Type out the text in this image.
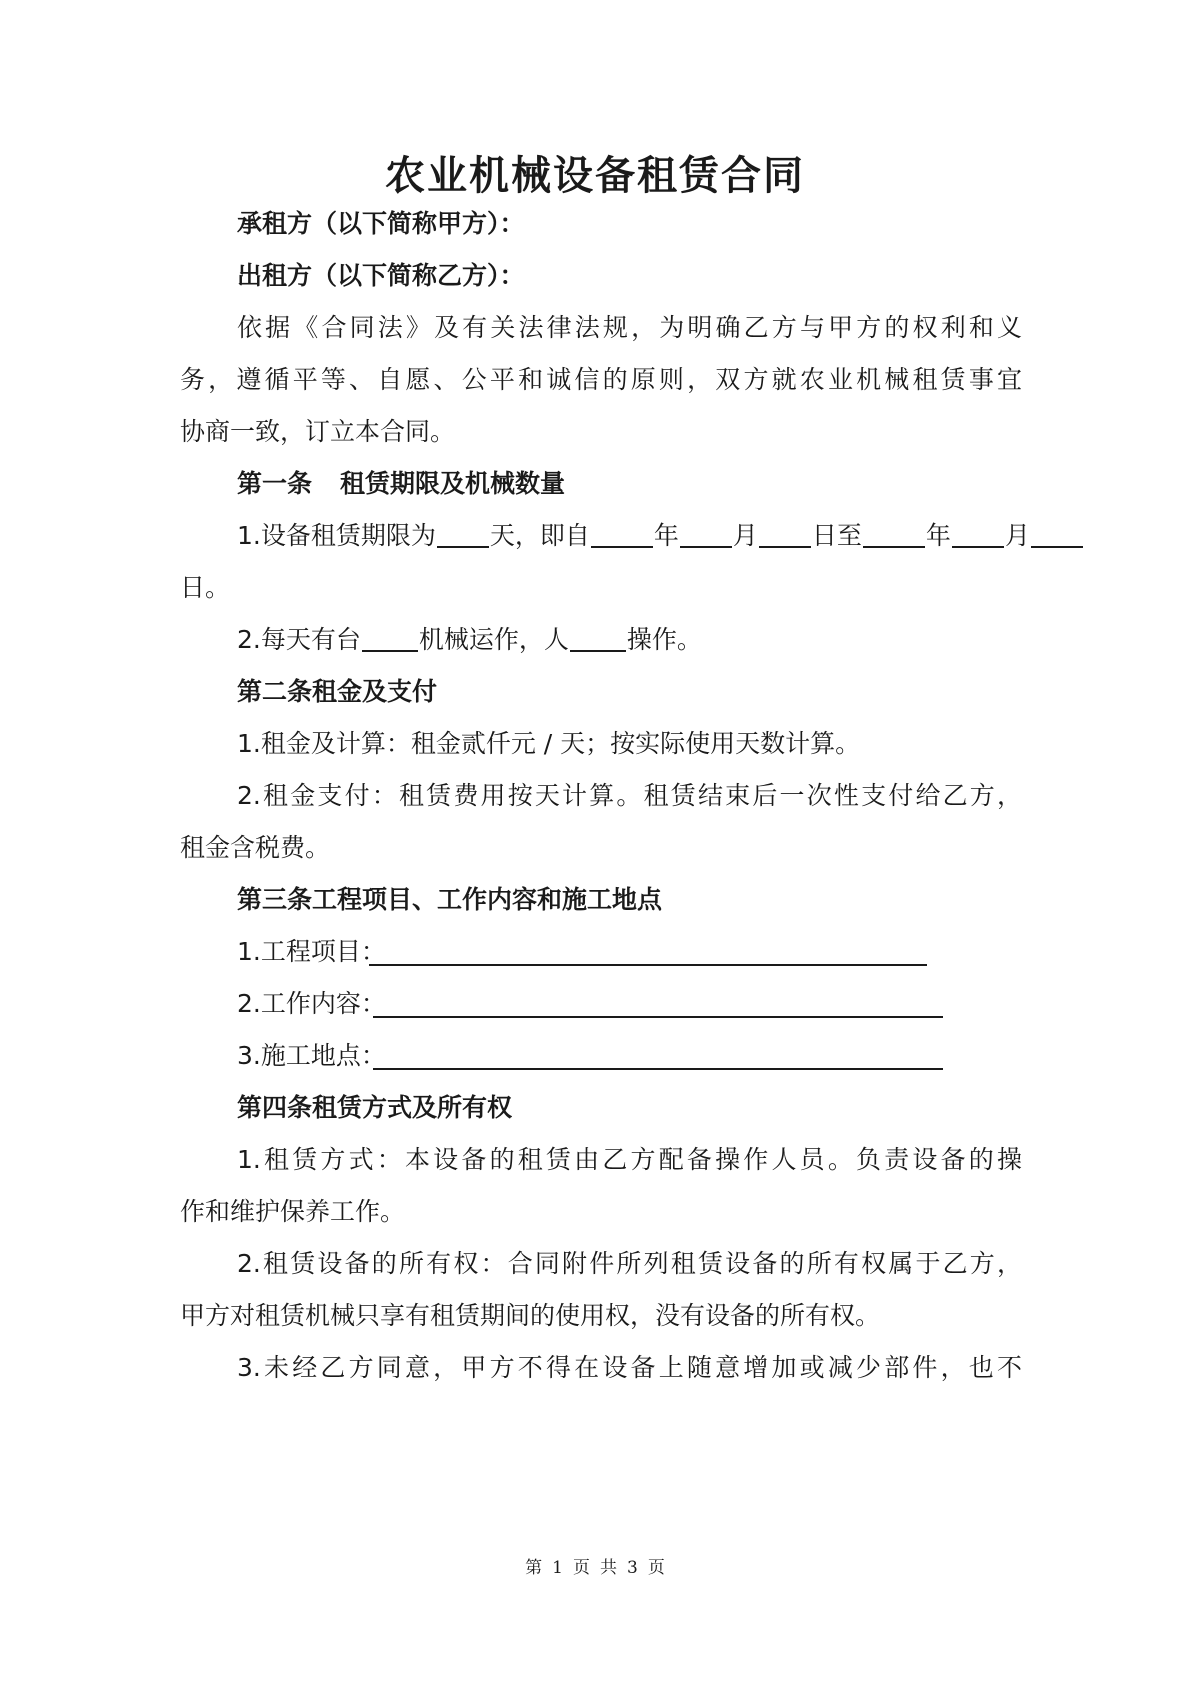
农业机械设备租赁合同
承租方（以下简称甲方）：
出租方（以下简称乙方）：
依据《合同法》及有关法律法规，为明确乙方与甲方的权利和义
务，遵循平等、自愿、公平和诚信的原则，双方就农业机械租赁事宜
协商一致，订立本合同。
第一条 租赁期限及机械数量
1.设备租赁期限为 天，即自	年 月 日至	年 月
日。
2.每天有台 机械运作，人 操作。
第二条租金及支付
1.租金及计算：租金贰仟元 / 天；按实际使用天数计算。
2.租金支付：租赁费用按天计算。租赁结束后一次性支付给乙方，
租金含税费。
第三条工程项目、工作内容和施工地点
1.工程项目：
2.工作内容：
3.施工地点：
第四条租赁方式及所有权
1.租赁方式：本设备的租赁由乙方配备操作人员。负责设备的操
作和维护保养工作。
2.租赁设备的所有权：合同附件所列租赁设备的所有权属于乙方，
甲方对租赁机械只享有租赁期间的使用权，没有设备的所有权。
3.未经乙方同意，甲方不得在设备上随意增加或减少部件，也不
第 1 页 共 3 页
